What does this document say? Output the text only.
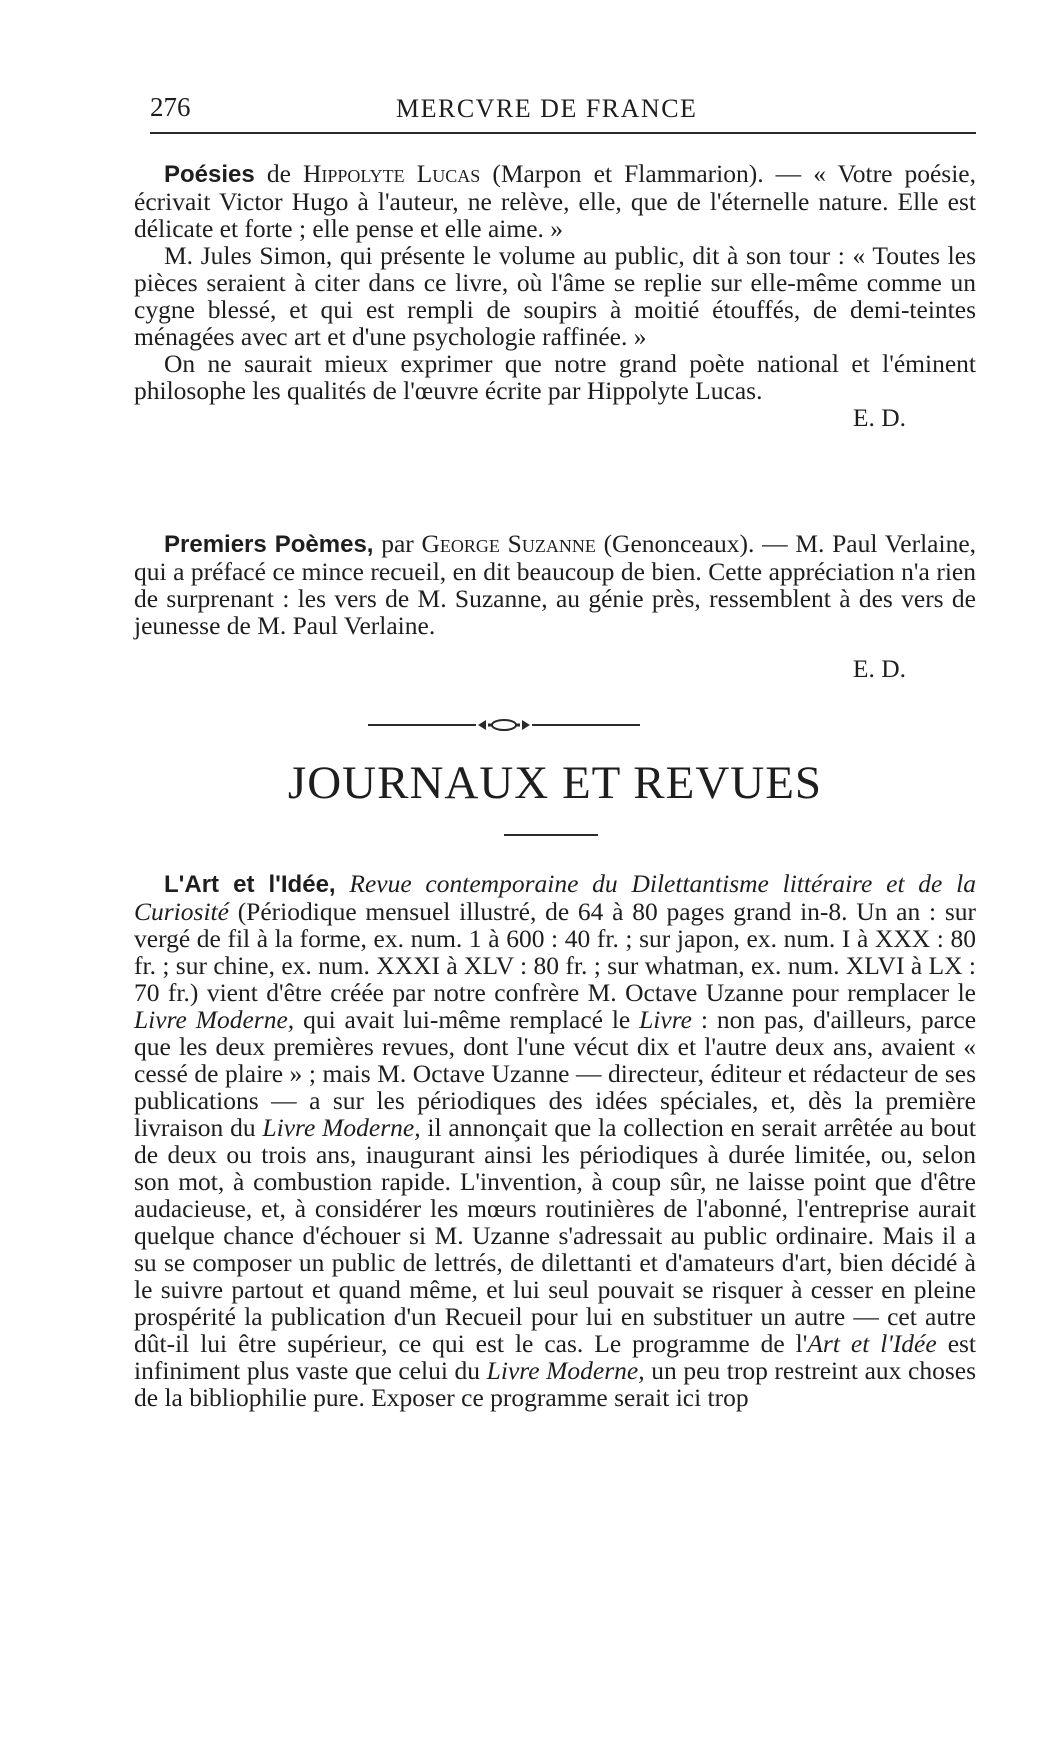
276	MERCVRE DE FRANCE

Poésies de Hippolyte Lucas (Marpon et Flammarion). — « Votre poésie, écrivait Victor Hugo à l'auteur, ne relève, elle, que de l'éternelle nature. Elle est délicate et forte ; elle pense et elle aime. »

M. Jules Simon, qui présente le volume au public, dit à son tour : « Toutes les pièces seraient à citer dans ce livre, où l'âme se replie sur elle-même comme un cygne blessé, et qui est rempli de soupirs à moitié étouffés, de demi-teintes ménagées avec art et d'une psychologie raffinée. »

On ne saurait mieux exprimer que notre grand poète national et l'éminent philosophe les qualités de l'œuvre écrite par Hippolyte Lucas.

E. D.

Premiers Poèmes, par George Suzanne (Genonceaux). — M. Paul Verlaine, qui a préfacé ce mince recueil, en dit beaucoup de bien. Cette appréciation n'a rien de surprenant : les vers de M. Suzanne, au génie près, ressemblent à des vers de jeunesse de M. Paul Verlaine.

E. D.

JOURNAUX ET REVUES

L'Art et l'Idée, Revue contemporaine du Dilettantisme littéraire et de la Curiosité (Périodique mensuel illustré, de 64 à 80 pages grand in-8. Un an : sur vergé de fil à la forme, ex. num. 1 à 600 : 40 fr. ; sur japon, ex. num. I à XXX : 80 fr. ; sur chine, ex. num. XXXI à XLV : 80 fr. ; sur whatman, ex. num. XLVI à LX : 70 fr.) vient d'être créée par notre confrère M. Octave Uzanne pour remplacer le Livre Moderne, qui avait lui-même remplacé le Livre : non pas, d'ailleurs, parce que les deux premières revues, dont l'une vécut dix et l'autre deux ans, avaient « cessé de plaire » ; mais M. Octave Uzanne — directeur, éditeur et rédacteur de ses publications — a sur les périodiques des idées spéciales, et, dès la première livraison du Livre Moderne, il annonçait que la collection en serait arrêtée au bout de deux ou trois ans, inaugurant ainsi les périodiques à durée limitée, ou, selon son mot, à combustion rapide. L'invention, à coup sûr, ne laisse point que d'être audacieuse, et, à considérer les mœurs routinières de l'abonné, l'entreprise aurait quelque chance d'échouer si M. Uzanne s'adressait au public ordinaire. Mais il a su se composer un public de lettrés, de dilettanti et d'amateurs d'art, bien décidé à le suivre partout et quand même, et lui seul pouvait se risquer à cesser en pleine prospérité la publication d'un Recueil pour lui en substituer un autre — cet autre dût-il lui être supérieur, ce qui est le cas. Le programme de l'Art et l'Idée est infiniment plus vaste que celui du Livre Moderne, un peu trop restreint aux choses de la bibliophilie pure. Exposer ce programme serait ici trop
